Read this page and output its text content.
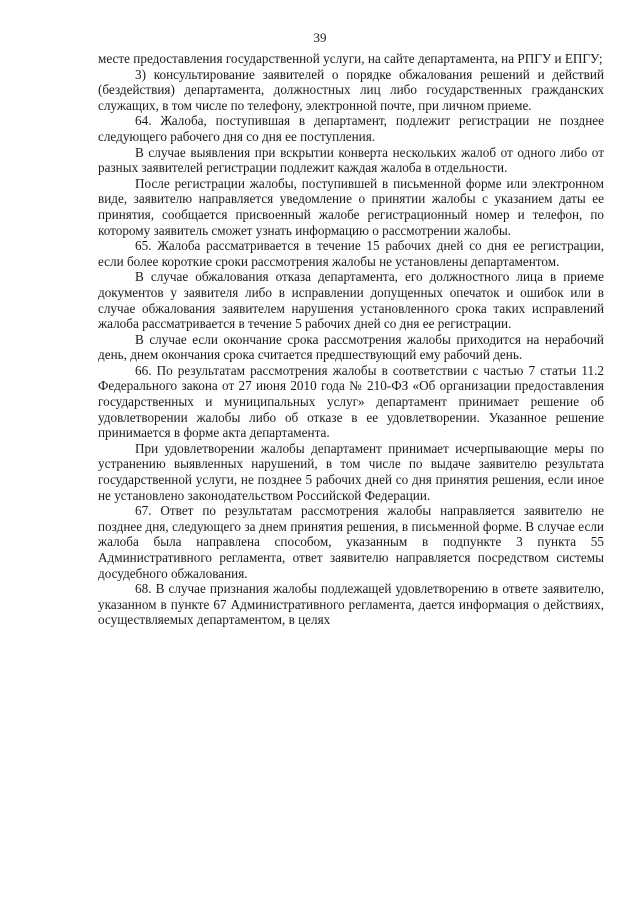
39

месте предоставления государственной услуги, на сайте департамента, на РПГУ и ЕПГУ;

3) консультирование заявителей о порядке обжалования решений и действий (бездействия) департамента, должностных лиц либо государственных гражданских служащих, в том числе по телефону, электронной почте, при личном приеме.

64. Жалоба, поступившая в департамент, подлежит регистрации не позднее следующего рабочего дня со дня ее поступления.

В случае выявления при вскрытии конверта нескольких жалоб от одного либо от разных заявителей регистрации подлежит каждая жалоба в отдельности.

После регистрации жалобы, поступившей в письменной форме или электронном виде, заявителю направляется уведомление о принятии жалобы с указанием даты ее принятия, сообщается присвоенный жалобе регистрационный номер и телефон, по которому заявитель сможет узнать информацию о рассмотрении жалобы.

65. Жалоба рассматривается в течение 15 рабочих дней со дня ее регистрации, если более короткие сроки рассмотрения жалобы не установлены департаментом.

В случае обжалования отказа департамента, его должностного лица в приеме документов у заявителя либо в исправлении допущенных опечаток и ошибок или в случае обжалования заявителем нарушения установленного срока таких исправлений жалоба рассматривается в течение 5 рабочих дней со дня ее регистрации.

В случае если окончание срока рассмотрения жалобы приходится на нерабочий день, днем окончания срока считается предшествующий ему рабочий день.

66. По результатам рассмотрения жалобы в соответствии с частью 7 статьи 11.2 Федерального закона от 27 июня 2010 года № 210-ФЗ «Об организации предоставления государственных и муниципальных услуг» департамент принимает решение об удовлетворении жалобы либо об отказе в ее удовлетворении. Указанное решение принимается в форме акта департамента.

При удовлетворении жалобы департамент принимает исчерпывающие меры по устранению выявленных нарушений, в том числе по выдаче заявителю результата государственной услуги, не позднее 5 рабочих дней со дня принятия решения, если иное не установлено законодательством Российской Федерации.

67. Ответ по результатам рассмотрения жалобы направляется заявителю не позднее дня, следующего за днем принятия решения, в письменной форме. В случае если жалоба была направлена способом, указанным в подпункте 3 пункта 55 Административного регламента, ответ заявителю направляется посредством системы досудебного обжалования.

68. В случае признания жалобы подлежащей удовлетворению в ответе заявителю, указанном в пункте 67 Административного регламента, дается информация о действиях, осуществляемых департаментом, в целях
